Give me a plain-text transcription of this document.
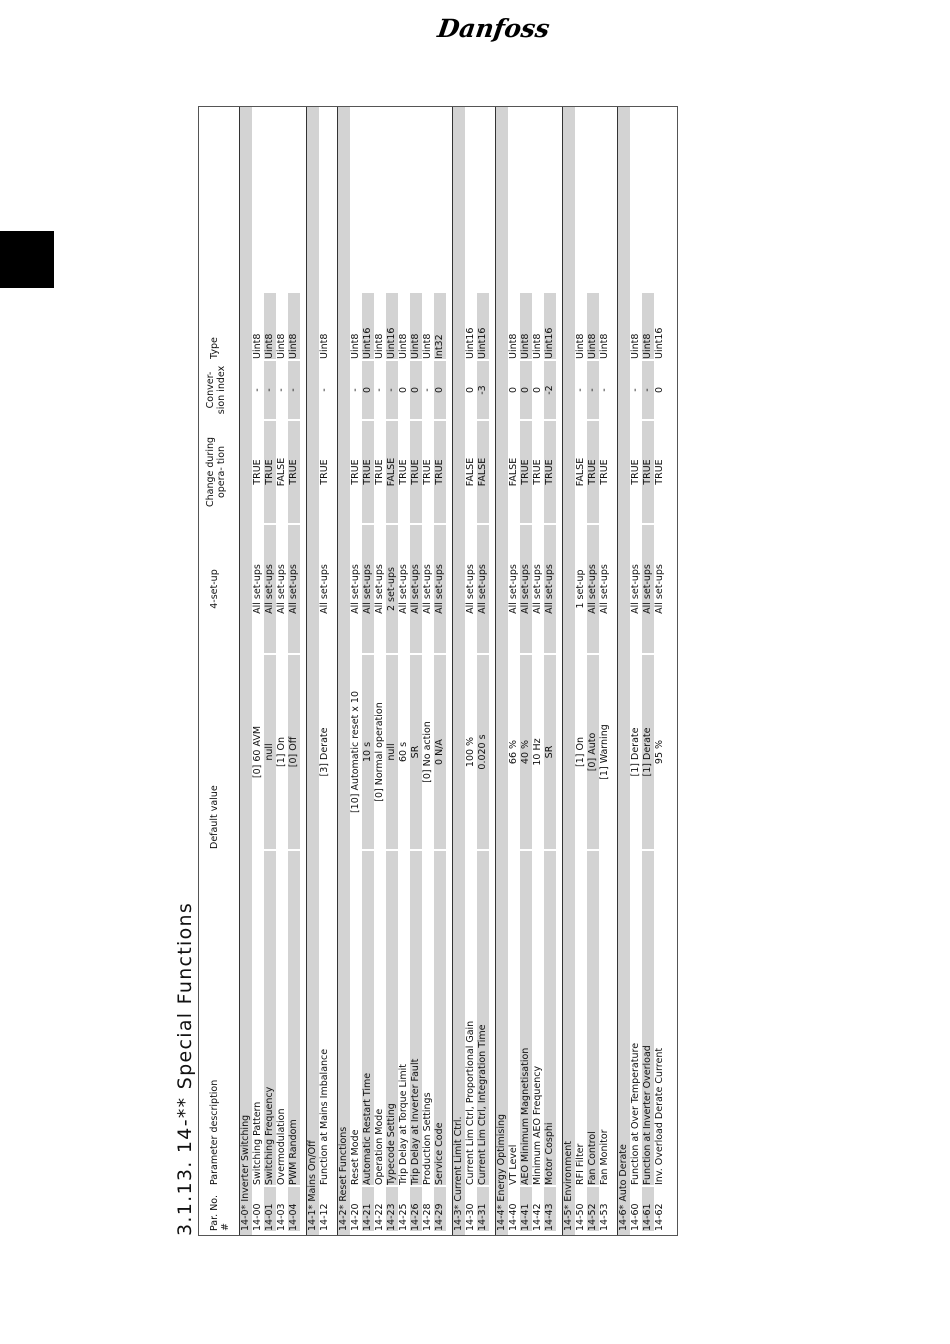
Danfoss
3.1.13. 14-** Special Functions Par. No. #
Parameter description
Default value
4-set-up
Change during opera- tion
Conver- sion index
Type
14-0* Inverter Switching 14-00
Switching Pattern
[0] 60 AVM
All set-ups
TRUE
-
Uint8
14-01
Switching Frequency
null
All set-ups
TRUE
-
Uint8
14-03
Overmodulation
[1] On
All set-ups
FALSE
-
Uint8
14-04
PWM Random
[0] Off
All set-ups
TRUE
-
Uint8
14-1* Mains On/Off 14-12
Function at Mains Imbalance
[3] Derate
All set-ups
TRUE
-
Uint8
14-2* Reset Functions 14-20
Reset Mode
[10] Automatic reset x 10
All set-ups
TRUE
-
Uint8
14-21
Automatic Restart Time
10 s
All set-ups
TRUE
0
Uint16
14-22
Operation Mode
[0] Normal operation
All set-ups
TRUE
-
Uint8
14-23
Typecode Setting
null
2 set-ups
FALSE
-
Uint16
14-25
Trip Delay at Torque Limit
60 s
All set-ups
TRUE
0
Uint8
14-26
Trip Delay at Inverter Fault
SR
All set-ups
TRUE
0
Uint8
14-28
Production Settings
[0] No action
All set-ups
TRUE
-
Uint8
14-29
Service Code
0 N/A
All set-ups
TRUE
0
Int32
14-3* Current Limit Ctrl. 14-30
Current Lim Ctrl, Proportional Gain
100 %
All set-ups
FALSE
0
Uint16
14-31
Current Lim Ctrl, Integration Time
0.020 s
All set-ups
FALSE
-3
Uint16
14-4* Energy Optimising 14-40
VT Level
66 %
All set-ups
FALSE
0
Uint8
14-41
AEO Minimum Magnetisation
40 %
All set-ups
TRUE
0
Uint8
14-42
Minimum AEO Frequency
10 Hz
All set-ups
TRUE
0
Uint8
14-43
Motor Cosphi
SR
All set-ups
TRUE
-2
Uint16
14-5* Environment 14-50
RFI Filter
[1] On
1 set-up
FALSE
-
Uint8
14-52
Fan Control
[0] Auto
All set-ups
TRUE
-
Uint8
14-53
Fan Monitor
[1] Warning
All set-ups
TRUE
-
Uint8
14-6* Auto Derate 14-60
Function at Over Temperature
[1] Derate
All set-ups
TRUE
-
Uint8
14-61
Function at Inverter Overload
[1] Derate
All set-ups
TRUE
-
Uint8
14-62
Inv. Overload Derate Current
95 %
All set-ups
TRUE
0
Uint16
